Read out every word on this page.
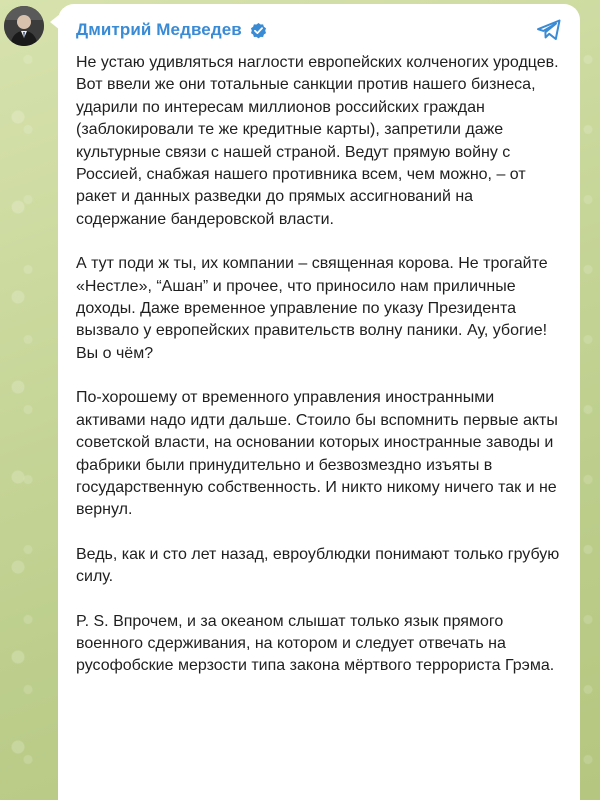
Дмитрий Медведев

Не устаю удивляться наглости европейских колченогих уродцев. Вот ввели же они тотальные санкции против нашего бизнеса, ударили по интересам миллионов российских граждан (заблокировали те же кредитные карты), запретили даже культурные связи с нашей страной. Ведут прямую войну с Россией, снабжая нашего противника всем, чем можно, – от ракет и данных разведки до прямых ассигнований на содержание бандеровской власти.

А тут поди ж ты, их компании – священная корова. Не трогайте «Нестле», “Ашан” и прочее, что приносило нам приличные доходы. Даже временное управление по указу Президента вызвало у европейских правительств волну паники. Ау, убогие! Вы о чём?

По-хорошему от временного управления иностранными активами надо идти дальше. Стоило бы вспомнить первые акты советской власти, на основании которых иностранные заводы и фабрики были принудительно и безвозмездно изъяты в государственную собственность. И никто никому ничего так и не вернул.

Ведь, как и сто лет назад, евроублюдки понимают только грубую силу.

P. S. Впрочем, и за океаном слышат только язык прямого военного сдерживания, на котором и следует отвечать на русофобские мерзости типа закона мёртвого террориста Грэма.
